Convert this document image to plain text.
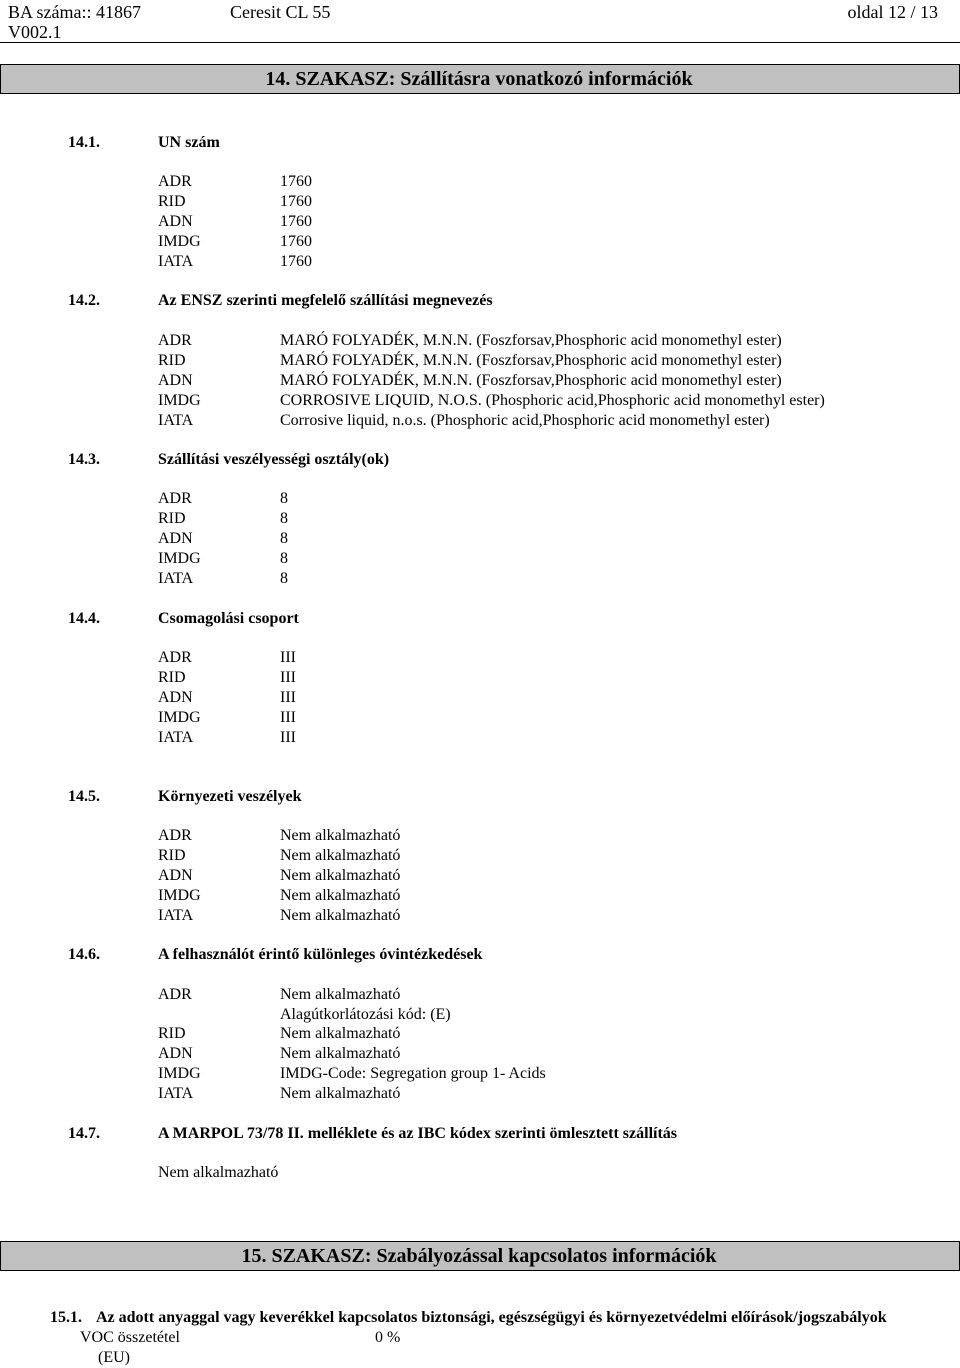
BA száma:: 41867	Ceresit CL 55	oldal 12 / 13
V002.1
14. SZAKASZ: Szállításra vonatkozó információk
14.1.	UN szám
ADR	1760
RID	1760
ADN	1760
IMDG	1760
IATA	1760
14.2.	Az ENSZ szerinti megfelelő szállítási megnevezés
ADR	MARÓ FOLYADÉK, M.N.N. (Foszforsav,Phosphoric acid monomethyl ester)
RID	MARÓ FOLYADÉK, M.N.N. (Foszforsav,Phosphoric acid monomethyl ester)
ADN	MARÓ FOLYADÉK, M.N.N. (Foszforsav,Phosphoric acid monomethyl ester)
IMDG	CORROSIVE LIQUID, N.O.S. (Phosphoric acid,Phosphoric acid monomethyl ester)
IATA	Corrosive liquid, n.o.s. (Phosphoric acid,Phosphoric acid monomethyl ester)
14.3.	Szállítási veszélyességi osztály(ok)
ADR	8
RID	8
ADN	8
IMDG	8
IATA	8
14.4.	Csomagolási csoport
ADR	III
RID	III
ADN	III
IMDG	III
IATA	III
14.5.	Környezeti veszélyek
ADR	Nem alkalmazható
RID	Nem alkalmazható
ADN	Nem alkalmazható
IMDG	Nem alkalmazható
IATA	Nem alkalmazható
14.6.	A felhasználót érintő különleges óvintézkedések
ADR	Nem alkalmazható
Alagútkorlátozási kód: (E)
RID	Nem alkalmazható
ADN	Nem alkalmazható
IMDG	IMDG-Code: Segregation group 1- Acids
IATA	Nem alkalmazható
14.7.	A MARPOL 73/78 II. melléklete és az IBC kódex szerinti ömlesztett szállítás
Nem alkalmazható
15. SZAKASZ: Szabályozással kapcsolatos információk
15.1. Az adott anyaggal vagy keverékkel kapcsolatos biztonsági, egészségügyi és környezetvédelmi előírások/jogszabályok
VOC összetétel	0 %
(EU)
